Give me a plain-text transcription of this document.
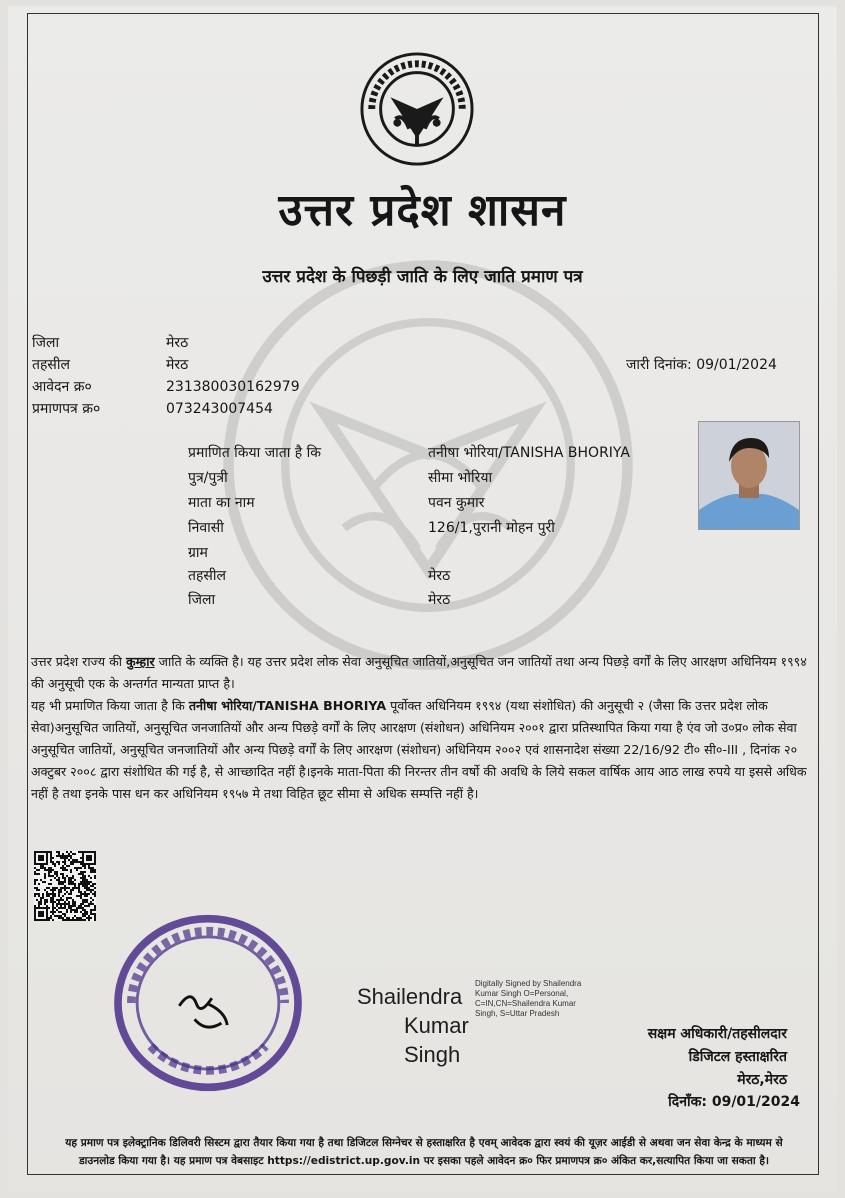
उत्तर प्रदेश शासन
उत्तर प्रदेश के पिछड़ी जाति के लिए जाति प्रमाण पत्र
जिला	मेरठ
तहसील	मेरठ
आवेदन क्र०	231380030162979
प्रमाणपत्र क्र०	073243007454
जारी दिनांक: 09/01/2024
प्रमाणित किया जाता है कि	तनीषा भोरिया/TANISHA BHORIYA
पुत्र/पुत्री	सीमा भोरिया
माता का नाम	पवन कुमार
निवासी	126/1,पुरानी मोहन पुरी
ग्राम
तहसील	मेरठ
जिला	मेरठ

उत्तर प्रदेश राज्य की कुम्हार जाति के व्यक्ति है। यह उत्तर प्रदेश लोक सेवा अनुसूचित जातियों,अनुसूचित जन जातियों तथा अन्य पिछड़े वर्गों के लिए आरक्षण अधिनियम १९९४ की अनुसूची एक के अन्तर्गत मान्यता प्राप्त है।

यह भी प्रमाणित किया जाता है कि तनीषा भोरिया/TANISHA BHORIYA पूर्वोक्त अधिनियम १९९४ (यथा संशोधित) की अनुसूची २ (जैसा कि उत्तर प्रदेश लोक सेवा)अनुसूचित जातियों, अनुसूचित जनजातियों और अन्य पिछड़े वर्गों के लिए आरक्षण (संशोधन) अधिनियम २००१ द्वारा प्रतिस्थापित किया गया है एंव जो उ०प्र० लोक सेवा अनुसूचित जातियों, अनुसूचित जनजातियों और अन्य पिछड़े वर्गों के लिए आरक्षण (संशोधन) अधिनियम २००२ एवं शासनादेश संख्या 22/16/92 टी० सी०-III , दिनांक २० अक्टुबर २००८ द्वारा संशोधित की गई है, से आच्छादित नहीं है।इनके माता-पिता की निरन्तर तीन वर्षो की अवधि के लिये सकल वार्षिक आय आठ लाख रुपये या इससे अधिक नहीं है तथा इनके पास धन कर अधिनियम १९५७ मे तथा विहित छूट सीमा से अधिक सम्पत्ति नहीं है।

Shailendra
Kumar
Singh
Digitally Signed by Shailendra Kumar Singh O=Personal, C=IN,CN=Shailendra Kumar Singh, S=Uttar Pradesh
सक्षम अधिकारी/तहसीलदार
डिजिटल हस्ताक्षरित
मेरठ,मेरठ
दिनाँक: 09/01/2024
यह प्रमाण पत्र इलेक्ट्रानिक डिलिवरी सिस्टम द्वारा तैयार किया गया है तथा डिजिटल सिग्नेचर से हस्ताक्षरित है एवम् आवेदक द्वारा स्वयं की यूज़र आईडी से अथवा जन सेवा केन्द्र के माध्यम से
डाउनलोड किया गया है। यह प्रमाण पत्र वेबसाइट https://edistrict.up.gov.in पर इसका पहले आवेदन क्र० फिर प्रमाणपत्र क्र० अंकित कर,सत्यापित किया जा सकता है।
